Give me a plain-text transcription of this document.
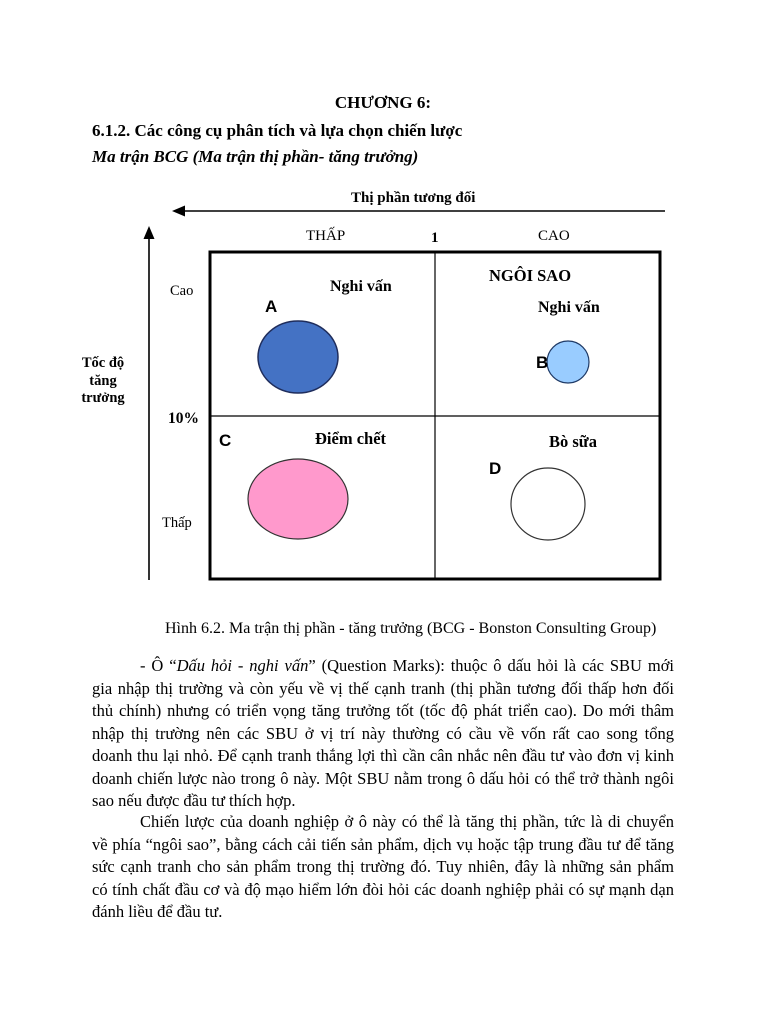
CHƯƠNG 6:
6.1.2. Các công cụ phân tích và lựa chọn chiến lược
Ma trận BCG (Ma trận thị phần- tăng trưởng)
Thị phần tương đối
THẤP	1	CAO
Cao
Tốc độ
tăng
trưởng
10%
Thấp
Nghi vấn
NGÔI SAO
Nghi vấn
Điểm chết	Bò sữa
A
B
C
D
Hình 6.2. Ma trận thị phần - tăng trưởng (BCG - Bonston Consulting Group)
- Ô “Dấu hỏi - nghi vấn” (Question Marks): thuộc ô dấu hỏi là các SBU mới
gia nhập thị trường và còn yếu về vị thế cạnh tranh (thị phần tương đối thấp hơn đối
thủ chính) nhưng có triển vọng tăng trưởng tốt (tốc độ phát triển cao). Do mới thâm
nhập thị trường nên các SBU ở vị trí này thường có cầu về vốn rất cao song tổng
doanh thu lại nhỏ. Để cạnh tranh thắng lợi thì cần cân nhắc nên đầu tư vào đơn vị kinh
doanh chiến lược nào trong ô này. Một SBU nằm trong ô dấu hỏi có thể trở thành ngôi
sao nếu được đầu tư thích hợp.
Chiến lược của doanh nghiệp ở ô này có thể là tăng thị phần, tức là di chuyển
về phía “ngôi sao”, bằng cách cải tiến sản phẩm, dịch vụ hoặc tập trung đầu tư để tăng
sức cạnh tranh cho sản phẩm trong thị trường đó. Tuy nhiên, đây là những sản phẩm
có tính chất đầu cơ và độ mạo hiểm lớn đòi hỏi các doanh nghiệp phải có sự mạnh dạn
đánh liều để đầu tư.
